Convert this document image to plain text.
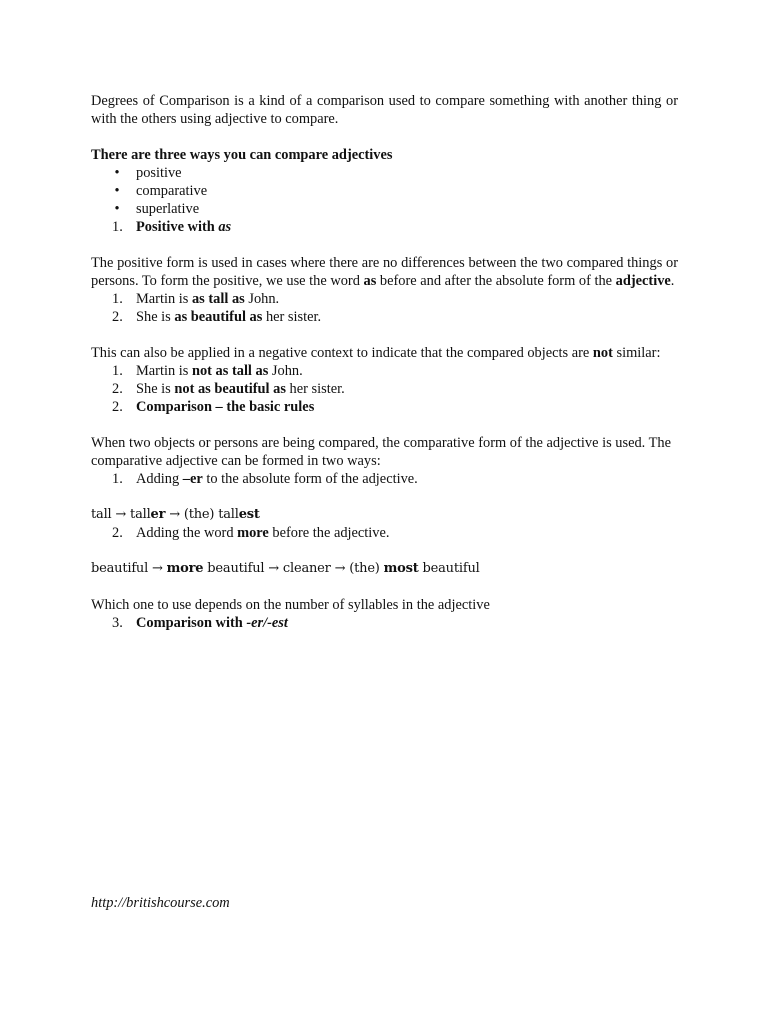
Degrees of Comparison is a kind of a comparison used to compare something with another thing or with the others using adjective to compare.

There are three ways you can compare adjectives

• positive
• comparative
• superlative
1. Positive with as

The positive form is used in cases where there are no differences between the two compared things or persons. To form the positive, we use the word as before and after the absolute form of the adjective.

1. Martin is as tall as John.
2. She is as beautiful as her sister.

This can also be applied in a negative context to indicate that the compared objects are not similar:

1. Martin is not as tall as John.
2. She is not as beautiful as her sister.
2. Comparison – the basic rules

When two objects or persons are being compared, the comparative form of the adjective is used. The comparative adjective can be formed in two ways:

1. Adding –er to the absolute form of the adjective.

tall → taller → (the) tallest

2. Adding the word more before the adjective.

beautiful → more beautiful → cleaner → (the) most beautiful

Which one to use depends on the number of syllables in the adjective

3. Comparison with -er/-est
http://britishcourse.com
